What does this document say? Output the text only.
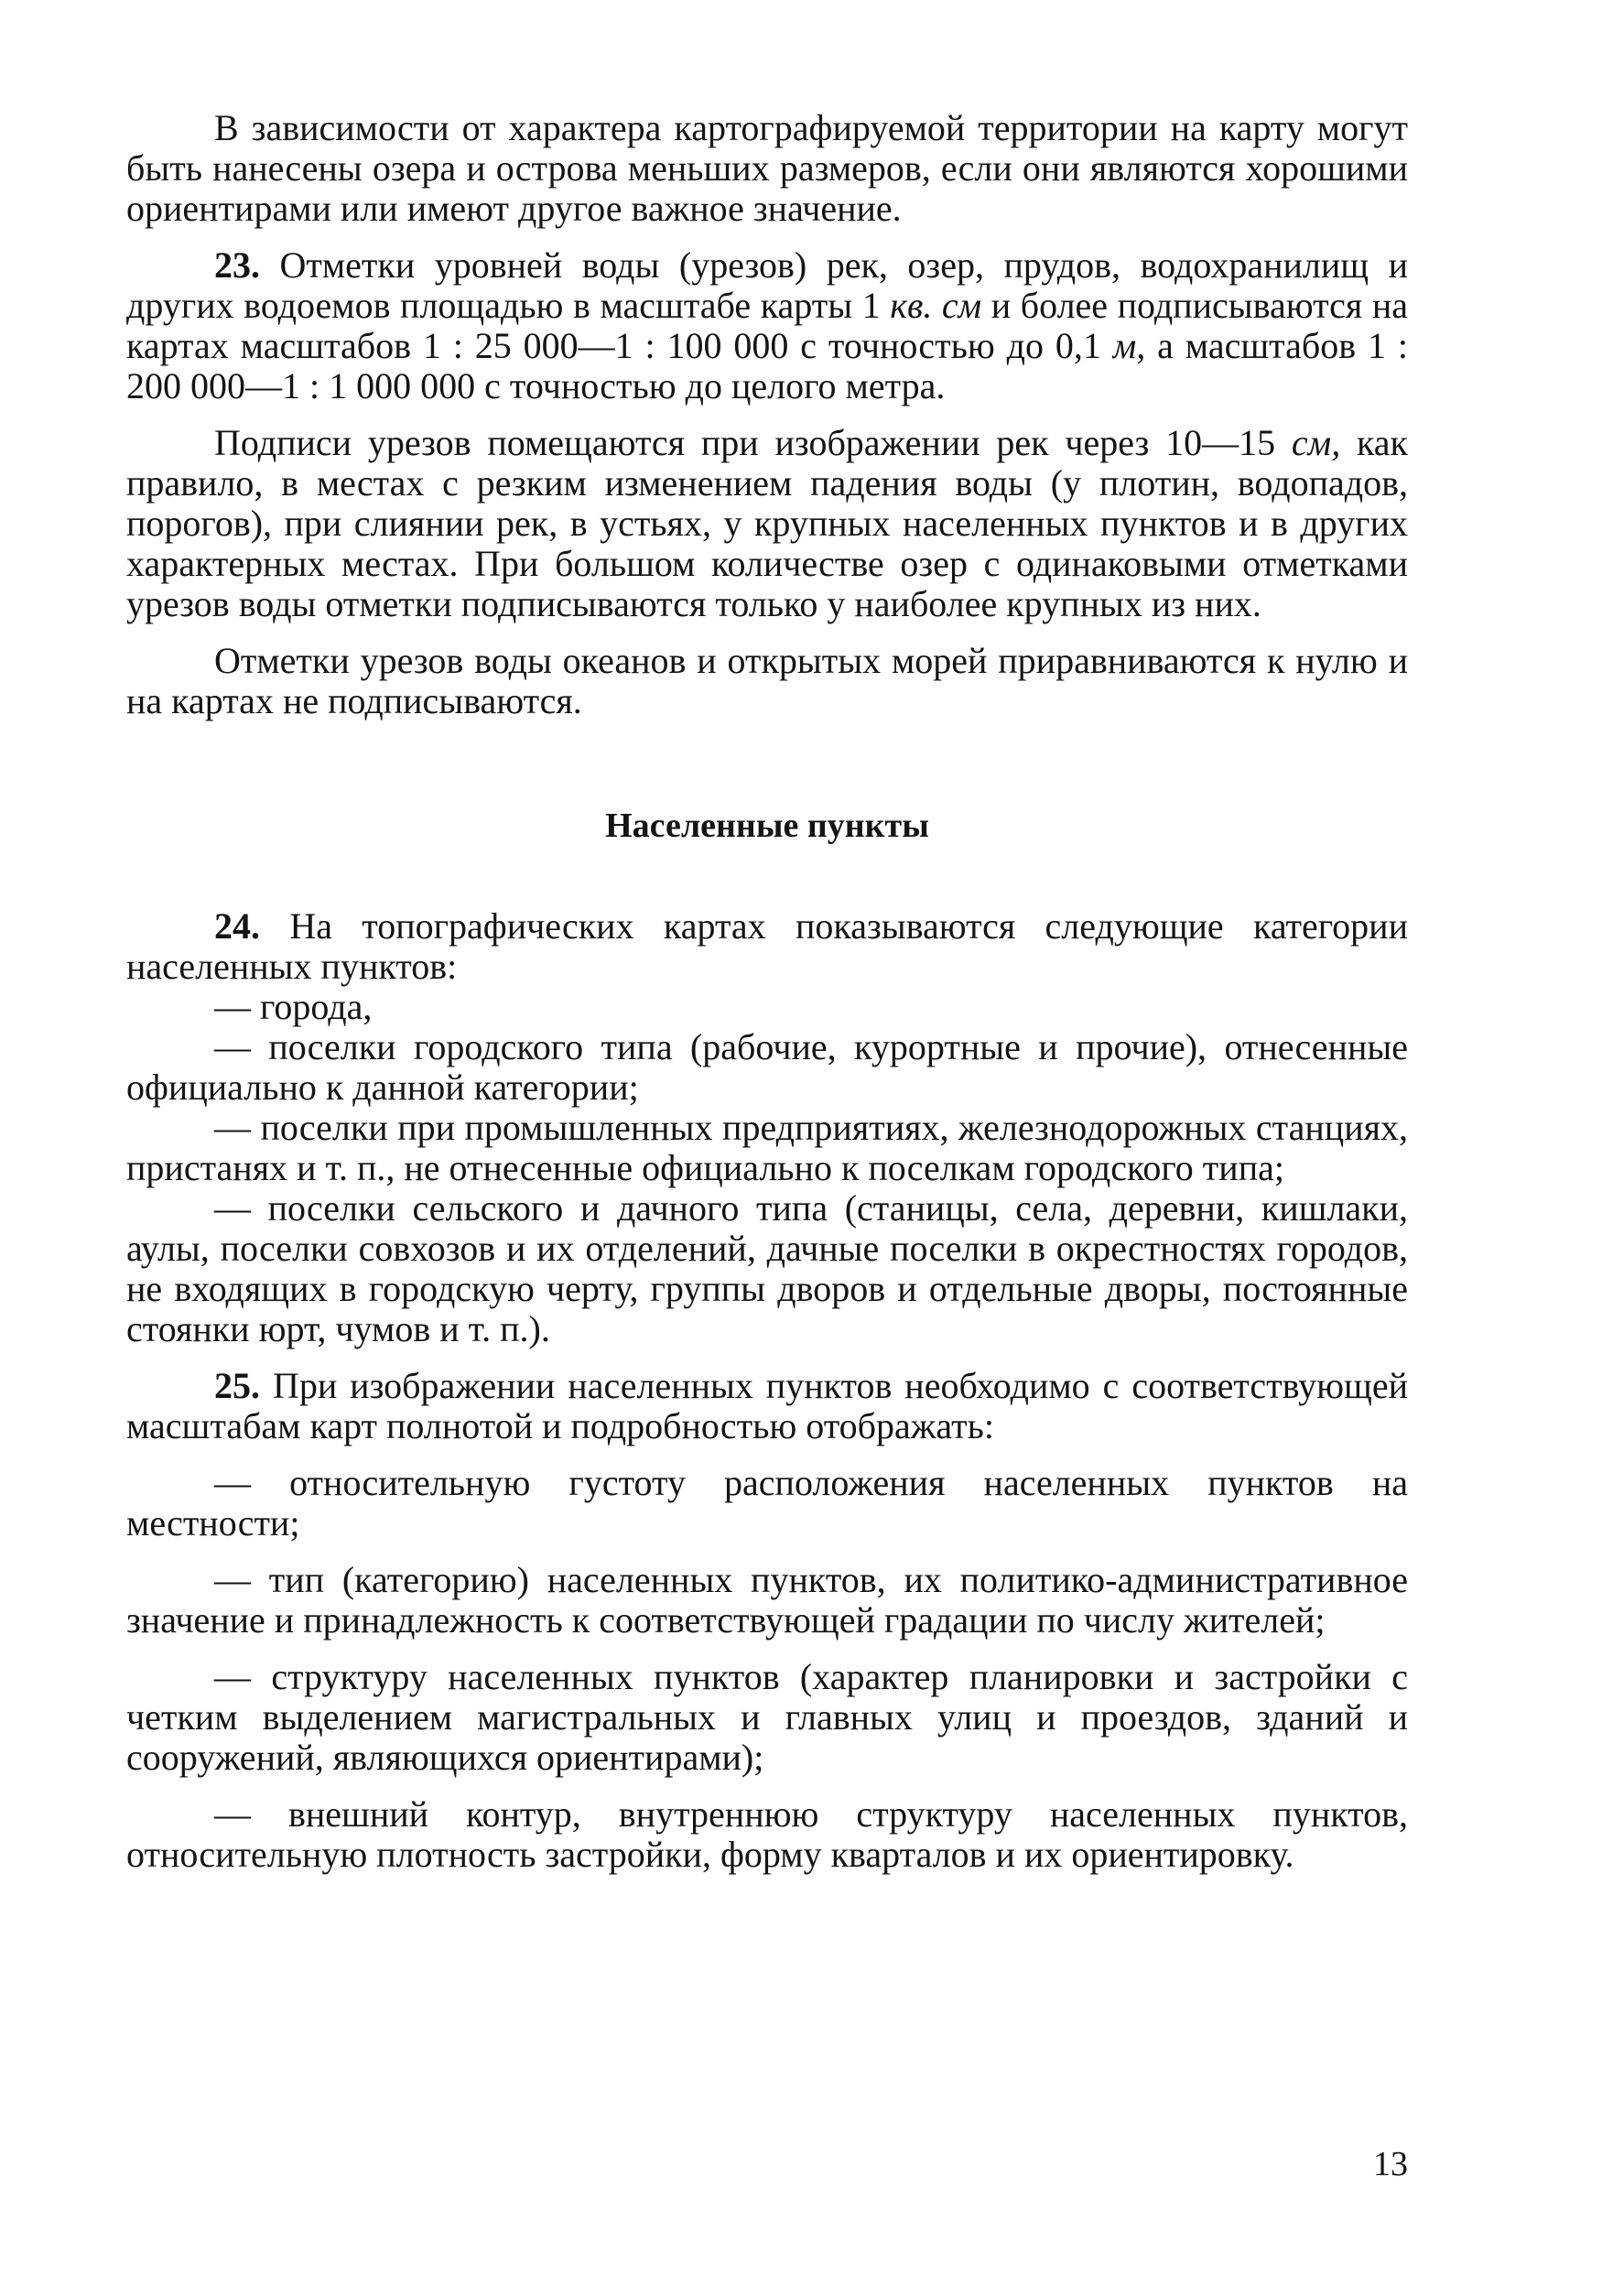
В зависимости от характера картографируемой территории на карту могут быть нанесены озера и острова меньших размеров, если они являются хорошими ориентирами или имеют другое важное значение.

23. Отметки уровней воды (урезов) рек, озер, прудов, водохранилищ и других водоемов площадью в масштабе карты 1 кв. см и более подписываются на картах масштабов 1 : 25 000—1 : 100 000 с точностью до 0,1 м, а масштабов 1 : 200 000—1 : 1 000 000 с точностью до целого метра.

Подписи урезов помещаются при изображении рек через 10—15 см, как правило, в местах с резким изменением падения воды (у плотин, водопадов, порогов), при слиянии рек, в устьях, у крупных населенных пунктов и в других характерных местах. При большом количестве озер с одинаковыми отметками урезов воды отметки подписываются только у наиболее крупных из них.

Отметки урезов воды океанов и открытых морей приравниваются к нулю и на картах не подписываются.

Населенные пункты

24. На топографических картах показываются следующие категории населенных пунктов:

— города,

— поселки городского типа (рабочие, курортные и прочие), отнесенные официально к данной категории;

— поселки при промышленных предприятиях, железнодорожных станциях, пристанях и т. п., не отнесенные официально к поселкам городского типа;

— поселки сельского и дачного типа (станицы, села, деревни, кишлаки, аулы, поселки совхозов и их отделений, дачные поселки в окрестностях городов, не входящих в городскую черту, группы дворов и отдельные дворы, постоянные стоянки юрт, чумов и т. п.).

25. При изображении населенных пунктов необходимо с соответствующей масштабам карт полнотой и подробностью отображать:

— относительную густоту расположения населенных пунктов на местности;

— тип (категорию) населенных пунктов, их политико-административное значение и принадлежность к соответствующей градации по числу жителей;

— структуру населенных пунктов (характер планировки и застройки с четким выделением магистральных и главных улиц и проездов, зданий и сооружений, являющихся ориентирами);

— внешний контур, внутреннюю структуру населенных пунктов, относительную плотность застройки, форму кварталов и их ориентировку.

13
